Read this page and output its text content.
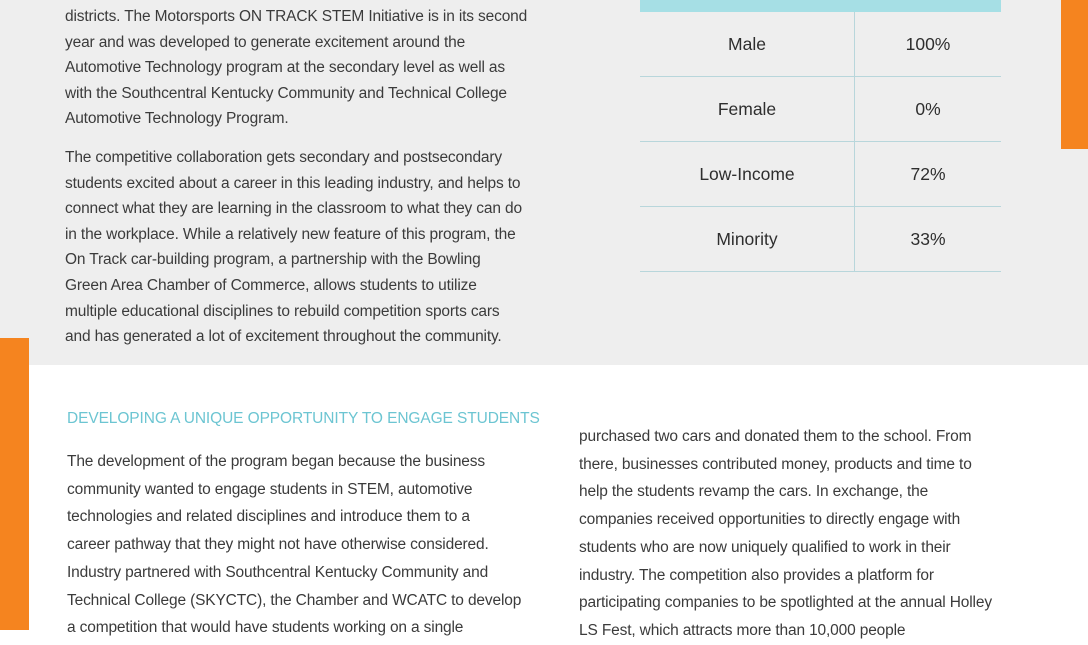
districts. The Motorsports ON TRACK STEM Initiative is in its second
year and was developed to generate excitement around the
Automotive Technology program at the secondary level as well as
with the Southcentral Kentucky Community and Technical College
Automotive Technology Program.

The competitive collaboration gets secondary and postsecondary
students excited about a career in this leading industry, and helps to
connect what they are learning in the classroom to what they can do
in the workplace. While a relatively new feature of this program, the
On Track car-building program, a partnership with the Bowling
Green Area Chamber of Commerce, allows students to utilize
multiple educational disciplines to rebuild competition sports cars
and has generated a lot of excitement throughout the community.

Male	100%
Female	0%
Low-Income	72%
Minority	33%
DEVELOPING A UNIQUE OPPORTUNITY TO ENGAGE STUDENTS

The development of the program began because the business
community wanted to engage students in STEM, automotive
technologies and related disciplines and introduce them to a
career pathway that they might not have otherwise considered.
Industry partnered with Southcentral Kentucky Community and
Technical College (SKYCTC), the Chamber and WCATC to develop
a competition that would have students working on a single

purchased two cars and donated them to the school. From
there, businesses contributed money, products and time to
help the students revamp the cars. In exchange, the
companies received opportunities to directly engage with
students who are now uniquely qualified to work in their
industry. The competition also provides a platform for
participating companies to be spotlighted at the annual Holley
LS Fest, which attracts more than 10,000 people
